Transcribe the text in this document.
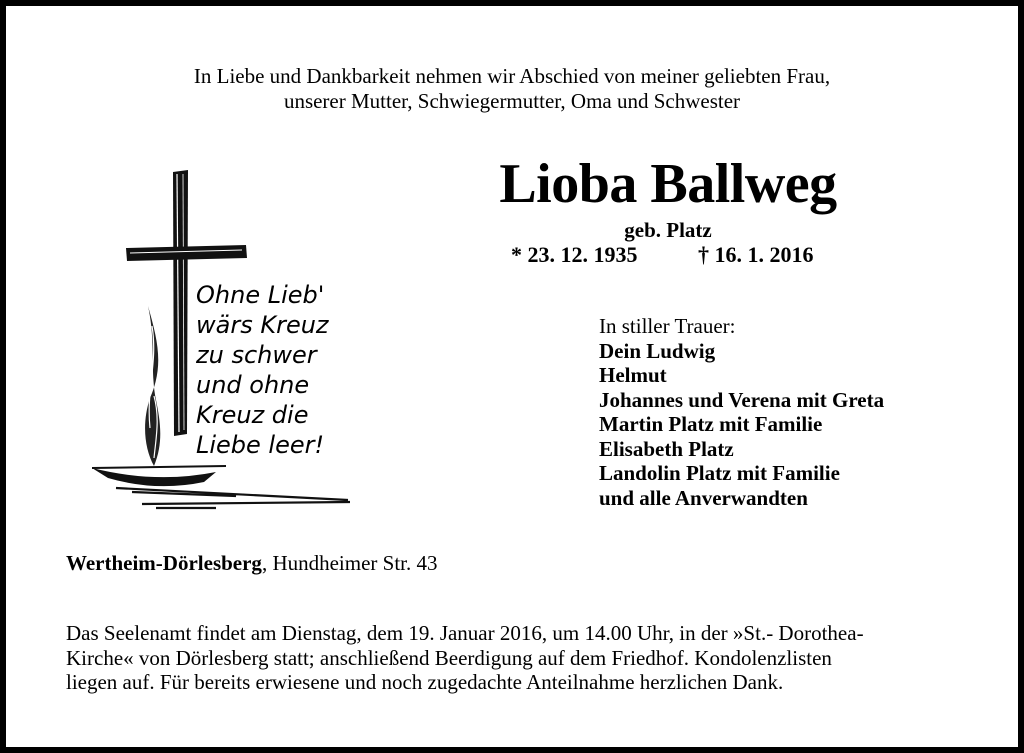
In Liebe und Dankbarkeit nehmen wir Abschied von meiner geliebten Frau,
unserer Mutter, Schwiegermutter, Oma und Schwester
Lioba Ballweg
geb. Platz
* 23. 12. 1935	† 16. 1. 2016
Ohne Lieb'
wärs Kreuz
zu schwer
und ohne
Kreuz die
Liebe leer!
In stiller Trauer:
Dein Ludwig
Helmut
Johannes und Verena mit Greta
Martin Platz mit Familie
Elisabeth Platz
Landolin Platz mit Familie
und alle Anverwandten
Wertheim-Dörlesberg, Hundheimer Str. 43
Das Seelenamt findet am Dienstag, dem 19. Januar 2016, um 14.00 Uhr, in der »St.- Dorothea-
Kirche« von Dörlesberg statt; anschließend Beerdigung auf dem Friedhof. Kondolenzlisten
liegen auf. Für bereits erwiesene und noch zugedachte Anteilnahme herzlichen Dank.
